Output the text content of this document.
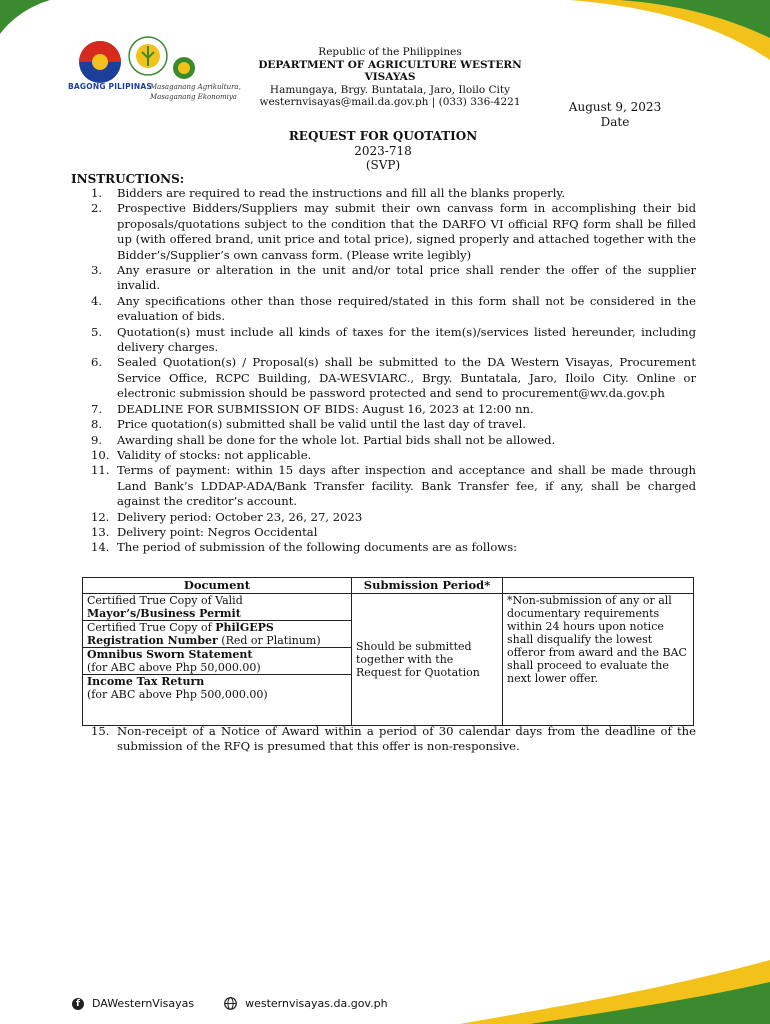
BAGONG PILIPINAS
Masaganang Agrikultura,
Masaganang Ekonomiya
Republic of the Philippines
DEPARTMENT OF AGRICULTURE WESTERN VISAYAS
Hamungaya, Brgy. Buntatala, Jaro, Iloilo City
westernvisayas@mail.da.gov.ph | (033) 336-4221	August 9, 2023
Date
REQUEST FOR QUOTATION
2023-718
(SVP)
INSTRUCTIONS:
1.	Bidders are required to read the instructions and fill all the blanks properly.
2.	Prospective Bidders/Suppliers may submit their own canvass form in accomplishing their bid proposals/quotations subject to the condition that the DARFO VI official RFQ form shall be filled up (with offered brand, unit price and total price), signed properly and attached together with the Bidder’s/Supplier’s own canvass form. (Please write legibly)
3.	Any erasure or alteration in the unit and/or total price shall render the offer of the supplier invalid.
4.	Any specifications other than those required/stated in this form shall not be considered in the evaluation of bids.
5.	Quotation(s) must include all kinds of taxes for the item(s)/services listed hereunder, including delivery charges.
6.	Sealed Quotation(s) / Proposal(s) shall be submitted to the DA Western Visayas, Procurement Service Office, RCPC Building, DA-WESVIARC., Brgy. Buntatala, Jaro, Iloilo City. Online or electronic submission should be password protected and send to procurement@wv.da.gov.ph
7.	DEADLINE FOR SUBMISSION OF BIDS: August 16, 2023 at 12:00 nn.
8.	Price quotation(s) submitted shall be valid until the last day of travel.
9.	Awarding shall be done for the whole lot. Partial bids shall not be allowed.
10. Validity of stocks: not applicable.
11. Terms of payment: within 15 days after inspection and acceptance and shall be made through Land Bank’s LDDAP-ADA/Bank Transfer facility. Bank Transfer fee, if any, shall be charged against the creditor’s account.
12. Delivery period: October 23, 26, 27, 2023
13. Delivery point: Negros Occidental
14. The period of submission of the following documents are as follows:
Document	Submission Period*	
Certified True Copy of Valid
Mayor’s/Business Permit	Should be submitted together with the Request for Quotation	*Non-submission of any or all documentary requirements within 24 hours upon notice shall disqualify the lowest offeror from award and the BAC shall proceed to evaluate the next lower offer.
Certified True Copy of PhilGEPS
Registration Number (Red or Platinum)		
Omnibus Sworn Statement
(for ABC above Php 50,000.00)		
Income Tax Return
(for ABC above Php 500,000.00)		
15. Non-receipt of a Notice of Award within a period of 30 calendar days from the deadline of the submission of the RFQ is presumed that this offer is non-responsive.
f	DAWesternVisayas	westernvisayas.da.gov.ph
